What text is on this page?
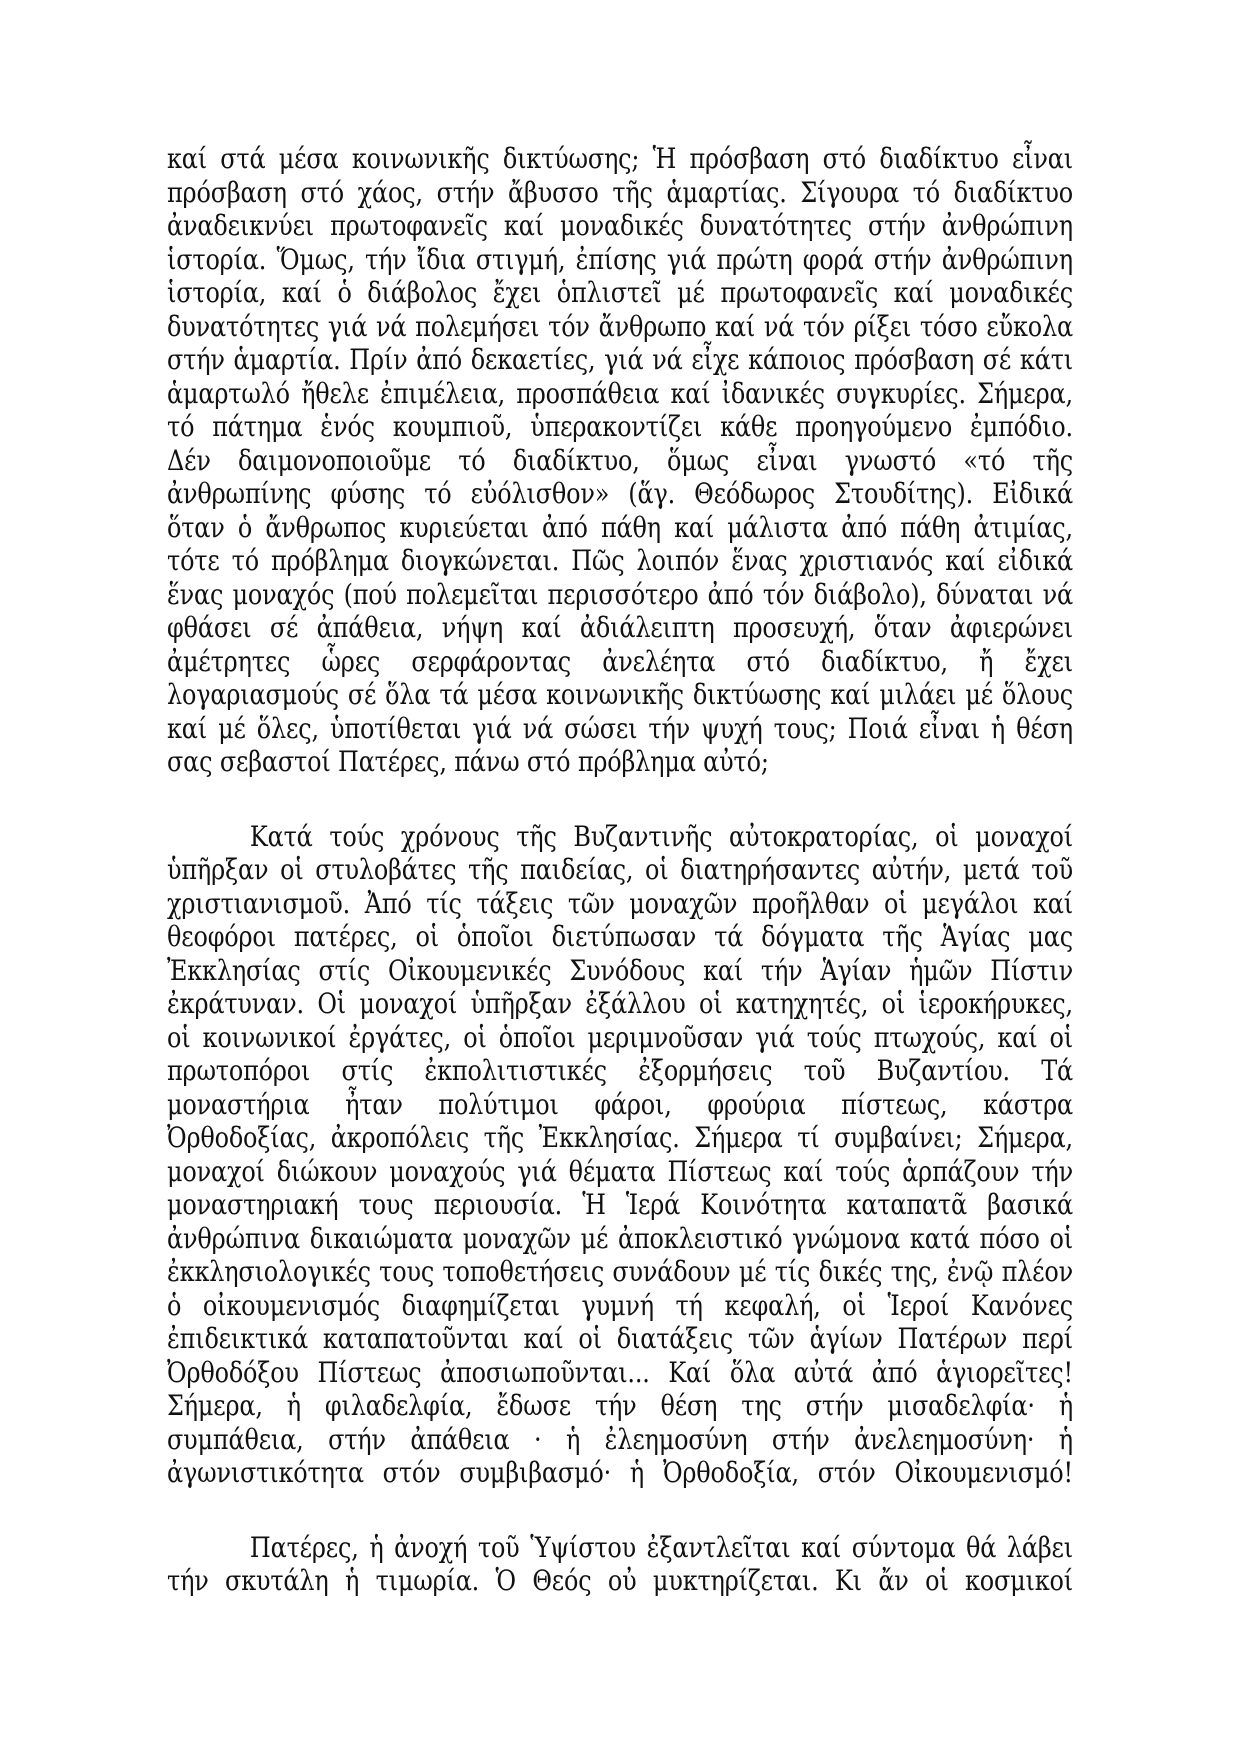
καί στά μέσα κοινωνικῆς δικτύωσης; Ἡ πρόσβαση στό διαδίκτυο εἶναι
πρόσβαση στό χάος, στήν ἄβυσσο τῆς ἁμαρτίας. Σίγουρα τό διαδίκτυο
ἀναδεικνύει πρωτοφανεῖς καί μοναδικές δυνατότητες στήν ἀνθρώπινη
ἱστορία. Ὅμως, τήν ἴδια στιγμή, ἐπίσης γιά πρώτη φορά στήν ἀνθρώπινη
ἱστορία, καί ὁ διάβολος ἔχει ὁπλιστεῖ μέ πρωτοφανεῖς καί μοναδικές
δυνατότητες γιά νά πολεμήσει τόν ἄνθρωπο καί νά τόν ρίξει τόσο εὔκολα
στήν ἁμαρτία. Πρίν ἀπό δεκαετίες, γιά νά εἶχε κάποιος πρόσβαση σέ κάτι
ἁμαρτωλό ἤθελε ἐπιμέλεια, προσπάθεια καί ἰδανικές συγκυρίες. Σήμερα,
τό πάτημα ἑνός κουμπιοῦ, ὑπερακοντίζει κάθε προηγούμενο ἐμπόδιο.
Δέν δαιμονοποιοῦμε τό διαδίκτυο, ὅμως εἶναι γνωστό «τό τῆς
ἀνθρωπίνης φύσης τό εὐόλισθον» (ἅγ. Θεόδωρος Στουδίτης). Εἰδικά
ὅταν ὁ ἄνθρωπος κυριεύεται ἀπό πάθη καί μάλιστα ἀπό πάθη ἀτιμίας,
τότε τό πρόβλημα διογκώνεται. Πῶς λοιπόν ἕνας χριστιανός καί εἰδικά
ἕνας μοναχός (πού πολεμεῖται περισσότερο ἀπό τόν διάβολο), δύναται νά
φθάσει σέ ἀπάθεια, νήψη καί ἀδιάλειπτη προσευχή, ὅταν ἀφιερώνει
ἀμέτρητες ὧρες σερφάροντας ἀνελέητα στό διαδίκτυο, ἤ ἔχει
λογαριασμούς σέ ὅλα τά μέσα κοινωνικῆς δικτύωσης καί μιλάει μέ ὅλους
καί μέ ὅλες, ὑποτίθεται γιά νά σώσει τήν ψυχή τους; Ποιά εἶναι ἡ θέση
σας σεβαστοί Πατέρες, πάνω στό πρόβλημα αὐτό;
Κατά τούς χρόνους τῆς Βυζαντινῆς αὐτοκρατορίας, οἱ μοναχοί
ὑπῆρξαν οἱ στυλοβάτες τῆς παιδείας, οἱ διατηρήσαντες αὐτήν, μετά τοῦ
χριστιανισμοῦ. Ἀπό τίς τάξεις τῶν μοναχῶν προῆλθαν οἱ μεγάλοι καί
θεοφόροι πατέρες, οἱ ὁποῖοι διετύπωσαν τά δόγματα τῆς Ἁγίας μας
Ἐκκλησίας στίς Οἰκουμενικές Συνόδους καί τήν Ἁγίαν ἡμῶν Πίστιν
ἐκράτυναν. Οἱ μοναχοί ὑπῆρξαν ἐξάλλου οἱ κατηχητές, οἱ ἱεροκήρυκες,
οἱ κοινωνικοί ἐργάτες, οἱ ὁποῖοι μεριμνοῦσαν γιά τούς πτωχούς, καί οἱ
πρωτοπόροι στίς ἐκπολιτιστικές ἐξορμήσεις τοῦ Βυζαντίου. Τά
μοναστήρια ἦταν πολύτιμοι φάροι, φρούρια πίστεως, κάστρα
Ὀρθοδοξίας, ἀκροπόλεις τῆς Ἐκκλησίας. Σήμερα τί συμβαίνει; Σήμερα,
μοναχοί διώκουν μοναχούς γιά θέματα Πίστεως καί τούς ἁρπάζουν τήν
μοναστηριακή τους περιουσία. Ἡ Ἱερά Κοινότητα καταπατᾶ βασικά
ἀνθρώπινα δικαιώματα μοναχῶν μέ ἀποκλειστικό γνώμονα κατά πόσο οἱ
ἐκκλησιολογικές τους τοποθετήσεις συνάδουν μέ τίς δικές της, ἐνῷ πλέον
ὁ οἰκουμενισμός διαφημίζεται γυμνή τή κεφαλή, οἱ Ἱεροί Κανόνες
ἐπιδεικτικά καταπατοῦνται καί οἱ διατάξεις τῶν ἁγίων Πατέρων περί
Ὀρθοδόξου Πίστεως ἀποσιωποῦνται... Καί ὅλα αὐτά ἀπό ἁγιορεῖτες!
Σήμερα, ἡ φιλαδελφία, ἔδωσε τήν θέση της στήν μισαδελφία· ἡ
συμπάθεια, στήν ἀπάθεια · ἡ ἐλεημοσύνη στήν ἀνελεημοσύνη· ἡ
ἀγωνιστικότητα στόν συμβιβασμό· ἡ Ὀρθοδοξία, στόν Οἰκουμενισμό!
Πατέρες, ἡ ἀνοχή τοῦ Ὑψίστου ἐξαντλεῖται καί σύντομα θά λάβει
τήν σκυτάλη ἡ τιμωρία. Ὁ Θεός οὐ μυκτηρίζεται. Κι ἄν οἱ κοσμικοί
